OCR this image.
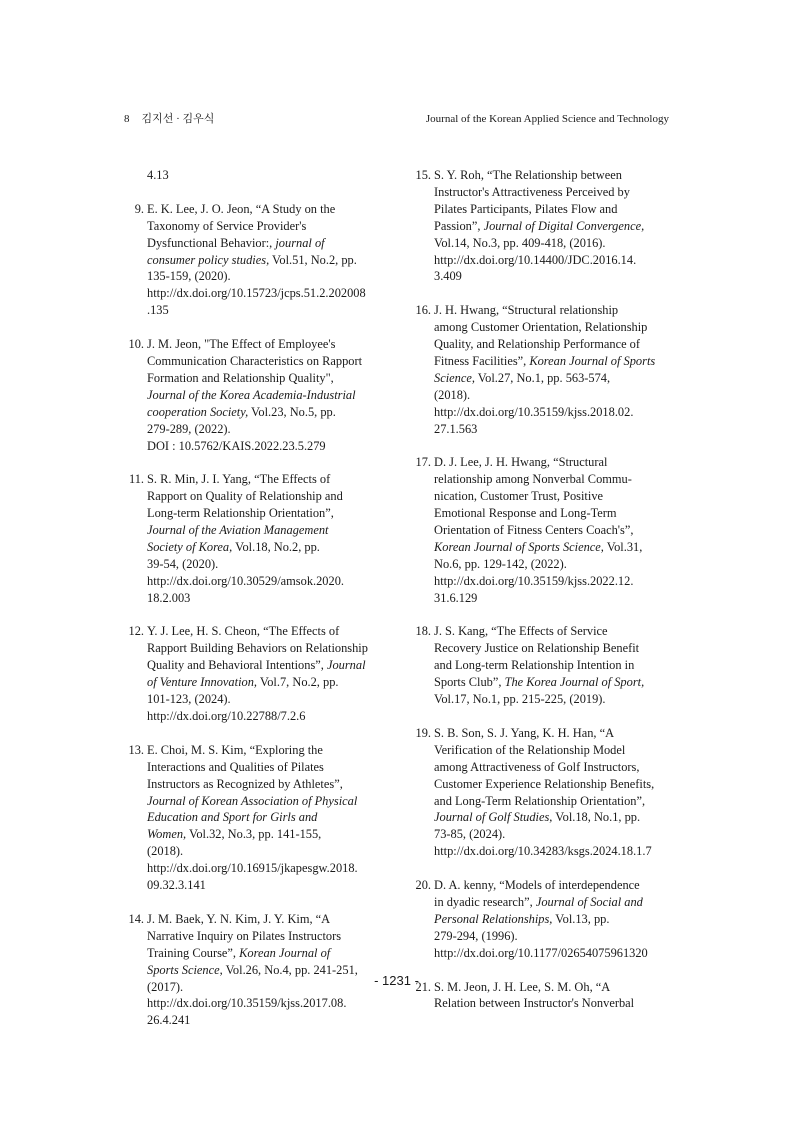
8 김지선 · 김우식	Journal of the Korean Applied Science and Technology
4.13
9. E. K. Lee, J. O. Jeon, “A Study on the
Taxonomy of Service Provider's
Dysfunctional Behavior:, journal of
consumer policy studies, Vol.51, No.2, pp.
135-159, (2020).
http://dx.doi.org/10.15723/jcps.51.2.202008
.135
10. J. M. Jeon, "The Effect of Employee's
Communication Characteristics on Rapport
Formation and Relationship Quality",
Journal of the Korea Academia-Industrial
cooperation Society, Vol.23, No.5, pp.
279-289, (2022).
DOI : 10.5762/KAIS.2022.23.5.279
11. S. R. Min, J. I. Yang, “The Effects of
Rapport on Quality of Relationship and
Long-term Relationship Orientation”,
Journal of the Aviation Management
Society of Korea, Vol.18, No.2, pp.
39-54, (2020).
http://dx.doi.org/10.30529/amsok.2020.
18.2.003
12. Y. J. Lee, H. S. Cheon, “The Effects of
Rapport Building Behaviors on Relationship
Quality and Behavioral Intentions”, Journal
of Venture Innovation, Vol.7, No.2, pp.
101-123, (2024).
http://dx.doi.org/10.22788/7.2.6
13. E. Choi, M. S. Kim, “Exploring the
Interactions and Qualities of Pilates
Instructors as Recognized by Athletes”,
Journal of Korean Association of Physical
Education and Sport for Girls and
Women, Vol.32, No.3, pp. 141-155,
(2018).
http://dx.doi.org/10.16915/jkapesgw.2018.
09.32.3.141
14. J. M. Baek, Y. N. Kim, J. Y. Kim, “A
Narrative Inquiry on Pilates Instructors
Training Course”, Korean Journal of
Sports Science, Vol.26, No.4, pp. 241-251,
(2017).
http://dx.doi.org/10.35159/kjss.2017.08.
26.4.241
15. S. Y. Roh, “The Relationship between
Instructor's Attractiveness Perceived by
Pilates Participants, Pilates Flow and
Passion”, Journal of Digital Convergence,
Vol.14, No.3, pp. 409-418, (2016).
http://dx.doi.org/10.14400/JDC.2016.14.
3.409
16. J. H. Hwang, “Structural relationship
among Customer Orientation, Relationship
Quality, and Relationship Performance of
Fitness Facilities”, Korean Journal of Sports
Science, Vol.27, No.1, pp. 563-574,
(2018).
http://dx.doi.org/10.35159/kjss.2018.02.
27.1.563
17. D. J. Lee, J. H. Hwang, “Structural
relationship among Nonverbal Commu-
nication, Customer Trust, Positive
Emotional Response and Long-Term
Orientation of Fitness Centers Coach's”,
Korean Journal of Sports Science, Vol.31,
No.6, pp. 129-142, (2022).
http://dx.doi.org/10.35159/kjss.2022.12.
31.6.129
18. J. S. Kang, “The Effects of Service
Recovery Justice on Relationship Benefit
and Long-term Relationship Intention in
Sports Club”, The Korea Journal of Sport,
Vol.17, No.1, pp. 215-225, (2019).
19. S. B. Son, S. J. Yang, K. H. Han, “A
Verification of the Relationship Model
among Attractiveness of Golf Instructors,
Customer Experience Relationship Benefits,
and Long-Term Relationship Orientation”,
Journal of Golf Studies, Vol.18, No.1, pp.
73-85, (2024).
http://dx.doi.org/10.34283/ksgs.2024.18.1.7
20. D. A. kenny, “Models of interdependence
in dyadic research”, Journal of Social and
Personal Relationships, Vol.13, pp.
279-294, (1996).
http://dx.doi.org/10.1177/02654075961320
21. S. M. Jeon, J. H. Lee, S. M. Oh, “A
Relation between Instructor's Nonverbal
- 1231 -
